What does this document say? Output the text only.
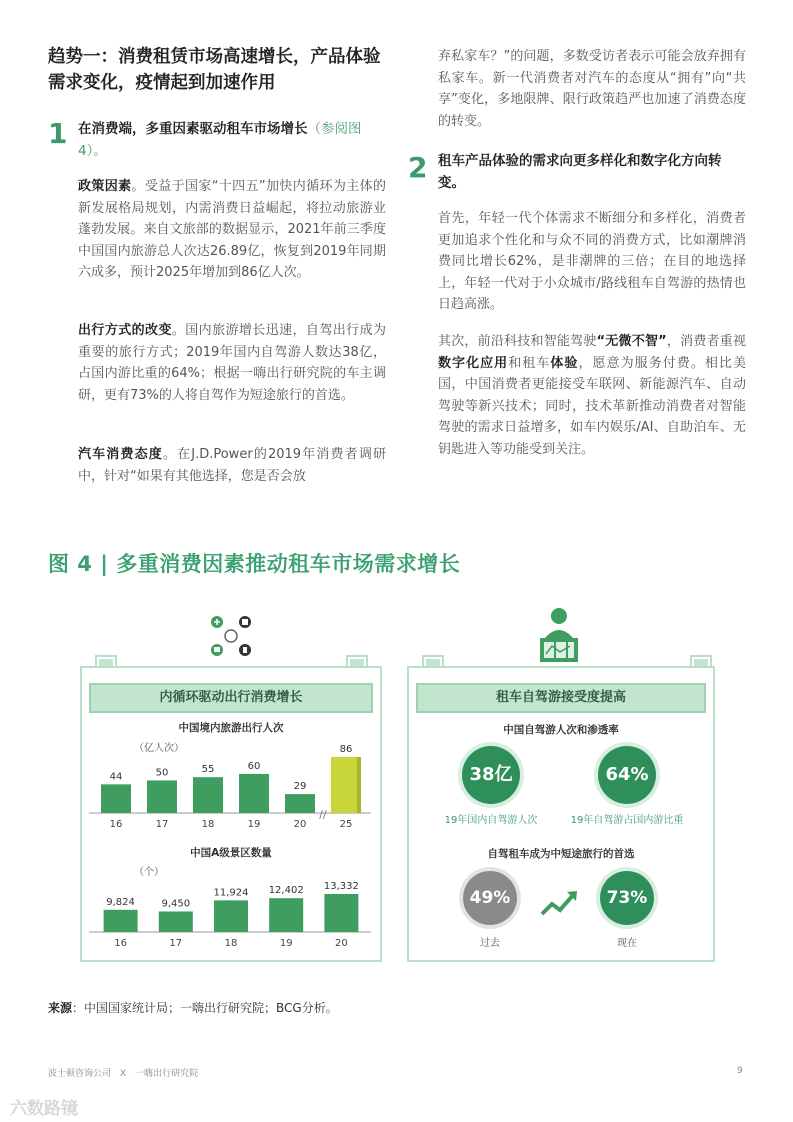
趋势一：消费租赁市场高速增长，产品体验需求变化，疫情起到加速作用
1 在消费端，多重因素驱动租车市场增长（参阅图4）。
政策因素。受益于国家“十四五”加快内循环为主体的新发展格局规划，内需消费日益崛起，将拉动旅游业蓬勃发展。来自文旅部的数据显示，2021年前三季度中国国内旅游总人次达26.89亿，恢复到2019年同期六成多，预计2025年增加到86亿人次。
出行方式的改变。国内旅游增长迅速，自驾出行成为重要的旅行方式；2019年国内自驾游人数达38亿，占国内游比重的64%；根据一嗨出行研究院的车主调研，更有73%的人将自驾作为短途旅行的首选。
汽车消费态度。在J.D.Power的2019年消费者调研中，针对“如果有其他选择，您是否会放
弃私家车？”的问题，多数受访者表示可能会放弃拥有私家车。新一代消费者对汽车的态度从“拥有”向“共享”变化，多地限牌、限行政策趋严也加速了消费态度的转变。
2 租车产品体验的需求向更多样化和数字化方向转变。
首先，年轻一代个体需求不断细分和多样化，消费者更加追求个性化和与众不同的消费方式，比如潮牌消费同比增长62%，是非潮牌的三倍；在目的地选择上，年轻一代对于小众城市/路线租车自驾游的热情也日趋高涨。
其次，前沿科技和智能驾驶“无微不智”，消费者重视数字化应用和租车体验，愿意为服务付费。相比美国，中国消费者更能接受车联网、新能源汽车、自动驾驶等新兴技术；同时，技术革新推动消费者对智能驾驶的需求日益增多，如车内娱乐/AI、自助泊车、无钥匙进入等功能受到关注。
图 4 | 多重消费因素推动租车市场需求增长
内循环驱动出行消费增长
中国境内旅游出行人次
（亿人次）
44
16
50
17
55
18
60
19
29
20
86
25
//
中国A级景区数量
（个）
9,824
16
9,450
17
11,924
18
12,402
19
13,332
20
租车自驾游接受度提高
中国自驾游人次和渗透率
38亿
19年国内自驾游人次
64%
19年自驾游占国内游比重
自驾租车成为中短途旅行的首选
49%
过去
73%
现在
来源：中国国家统计局；一嗨出行研究院；BCG分析。
波士顿咨询公司　X　一嗨出行研究院	9
六数路镜
